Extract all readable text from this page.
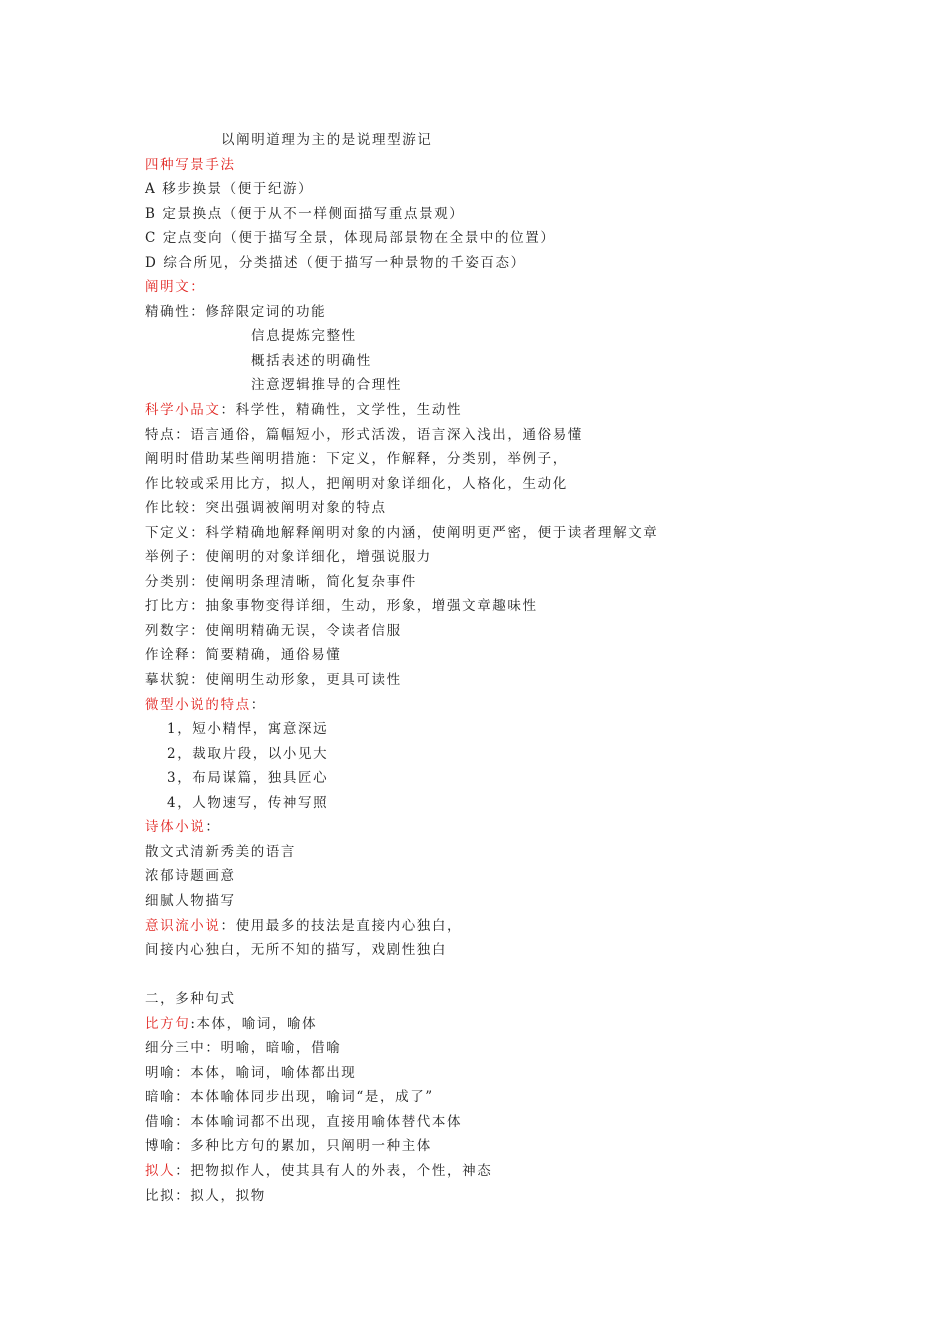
以阐明道理为主的是说理型游记
四种写景手法
A 移步换景（便于纪游）
B 定景换点（便于从不一样侧面描写重点景观）
C 定点变向（便于描写全景，体现局部景物在全景中的位置）
D 综合所见，分类描述（便于描写一种景物的千姿百态）
阐明文：
精确性：修辞限定词的功能
信息提炼完整性
概括表述的明确性
注意逻辑推导的合理性
科学小品文：科学性，精确性，文学性，生动性
特点：语言通俗，篇幅短小，形式活泼，语言深入浅出，通俗易懂
阐明时借助某些阐明措施：下定义，作解释，分类别，举例子，
作比较或采用比方，拟人，把阐明对象详细化，人格化，生动化
作比较：突出强调被阐明对象的特点
下定义：科学精确地解释阐明对象的内涵，使阐明更严密，便于读者理解文章
举例子：使阐明的对象详细化，增强说服力
分类别：使阐明条理清晰，简化复杂事件
打比方：抽象事物变得详细，生动，形象，增强文章趣味性
列数字：使阐明精确无误，令读者信服
作诠释：简要精确，通俗易懂
摹状貌：使阐明生动形象，更具可读性
微型小说的特点：
1，短小精悍，寓意深远
2，裁取片段，以小见大
3，布局谋篇，独具匠心
4，人物速写，传神写照
诗体小说：
散文式清新秀美的语言
浓郁诗题画意
细腻人物描写
意识流小说：使用最多的技法是直接内心独白，
间接内心独白，无所不知的描写，戏剧性独白
二，多种句式
比方句:本体，喻词，喻体
细分三中：明喻，暗喻，借喻
明喻：本体，喻词，喻体都出现
暗喻：本体喻体同步出现，喻词“是，成了”
借喻：本体喻词都不出现，直接用喻体替代本体
博喻：多种比方句的累加，只阐明一种主体
拟人：把物拟作人，使其具有人的外表，个性，神态
比拟：拟人，拟物
